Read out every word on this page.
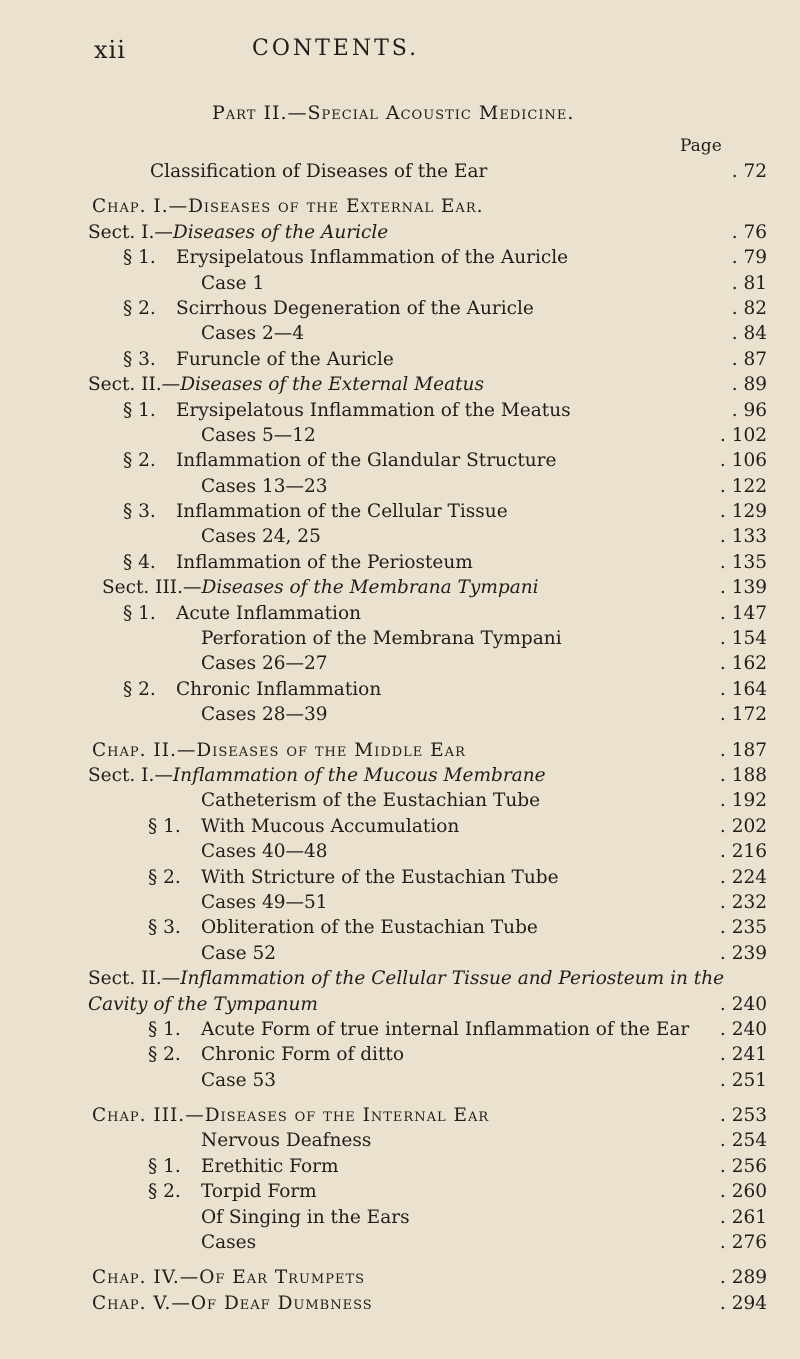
xii	CONTENTS.
Part II.—Special Acoustic Medicine.
Page
Classification of Diseases of the Ear	. 72
Chap. I.—Diseases of the External Ear.
Sect. I.—Diseases of the Auricle	. 76
§ 1. Erysipelatous Inflammation of the Auricle	. 79
Case 1	. 81
§ 2. Scirrhous Degeneration of the Auricle	. 82
Cases 2—4	. 84
§ 3. Furuncle of the Auricle	. 87
Sect. II.—Diseases of the External Meatus	. 89
§ 1. Erysipelatous Inflammation of the Meatus	. 96
Cases 5—12	. 102
§ 2. Inflammation of the Glandular Structure	. 106
Cases 13—23	. 122
§ 3. Inflammation of the Cellular Tissue	. 129
Cases 24, 25	. 133
§ 4. Inflammation of the Periosteum	. 135
Sect. III.—Diseases of the Membrana Tympani	. 139
§ 1. Acute Inflammation	. 147
Perforation of the Membrana Tympani	. 154
Cases 26—27	. 162
§ 2. Chronic Inflammation	. 164
Cases 28—39	. 172
Chap. II.—Diseases of the Middle Ear	. 187
Sect. I.—Inflammation of the Mucous Membrane	. 188
Catheterism of the Eustachian Tube	. 192
§ 1. With Mucous Accumulation	. 202
Cases 40—48	. 216
§ 2. With Stricture of the Eustachian Tube	. 224
Cases 49—51	. 232
§ 3. Obliteration of the Eustachian Tube	. 235
Case 52	. 239
Sect. II.—Inflammation of the Cellular Tissue and Periosteum in the
Cavity of the Tympanum	. 240
§ 1. Acute Form of true internal Inflammation of the Ear	. 240
§ 2. Chronic Form of ditto	. 241
Case 53	. 251
Chap. III.—Diseases of the Internal Ear	. 253
Nervous Deafness	. 254
§ 1. Erethitic Form	. 256
§ 2. Torpid Form	. 260
Of Singing in the Ears	. 261
Cases	. 276
Chap. IV.—Of Ear Trumpets	. 289
Chap. V.—Of Deaf Dumbness	. 294
